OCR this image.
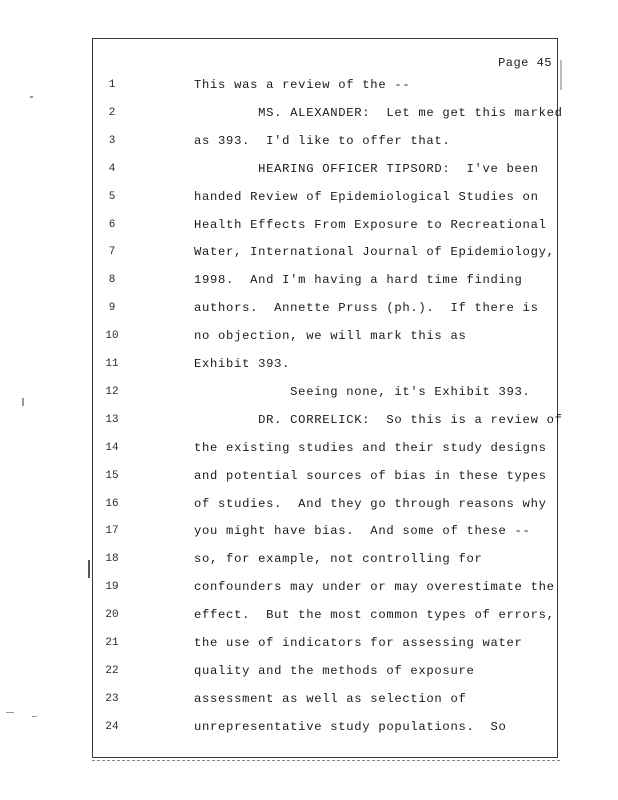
Page 45
1	This was a review of the --
2	MS. ALEXANDER:  Let me get this marked
3	as 393.  I'd like to offer that.
4	HEARING OFFICER TIPSORD:  I've been
5	handed Review of Epidemiological Studies on
6	Health Effects From Exposure to Recreational
7	Water, International Journal of Epidemiology,
8	1998.  And I'm having a hard time finding
9	authors.  Annette Pruss (ph.).  If there is
10	no objection, we will mark this as
11	Exhibit 393.
12	Seeing none, it's Exhibit 393.
13	DR. CORRELICK:  So this is a review of
14	the existing studies and their study designs
15	and potential sources of bias in these types
16	of studies.  And they go through reasons why
17	you might have bias.  And some of these --
18	so, for example, not controlling for
19	confounders may under or may overestimate the
20	effect.  But the most common types of errors,
21	the use of indicators for assessing water
22	quality and the methods of exposure
23	assessment as well as selection of
24	unrepresentative study populations.  So
